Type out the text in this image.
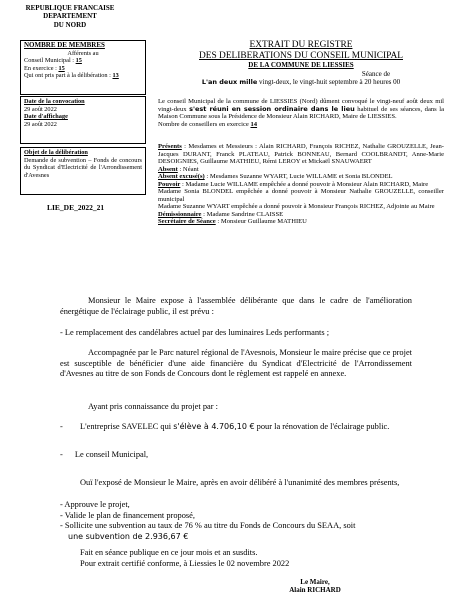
REPUBLIQUE FRANCAISE
DEPARTEMENT
DU NORD
NOMBRE DE MEMBRES
Afférents au
Conseil Municipal : 15
En exercice : 15
Qui ont pris part à la délibération : 13
Date de la convocation
29 août 2022
Date d'affichage
29 août 2022
Objet de la délibération
Demande de subvention – Fonds de concours du Syndicat d'Electricité de l'Arrondissement d'Avesnes
LIE_DE_2022_21
EXTRAIT DU REGISTRE
DES DELIBERATIONS DU CONSEIL MUNICIPAL
DE LA COMMUNE DE LIESSIES
Séance de
L'an deux mille vingt-deux, le vingt-huit septembre à 20 heures 00
Le conseil Municipal de la commune de LIESSIES (Nord) dûment convoqué le vingt-neuf août deux mil vingt-deux s'est réuni en session ordinaire dans le lieu habituel de ses séances, dans la Maison Commune sous la Présidence de Monsieur Alain RICHARD, Maire de LIESSIES.
Nombre de conseillers en exercice 14
Présents : Mesdames et Messieurs : Alain RICHARD, François RICHEZ, Nathalie GROUZELLE, Jean-Jacques DURANT, Franck PLATEAU, Patrick BONNEAU, Bernard COOLBRANDT, Anne-Marie DESOIGNIES, Guillaume MATHIEU, Rémi LEROY et Mickaël SNAUWAERT
Absent : Néant
Absent excusé(s) : Mesdames Suzanne WYART, Lucie WILLAME et Sonia BLONDEL
Pouvoir : Madame Lucie WILLAME empêchée a donné pouvoir à Monsieur Alain RICHARD, Maire
Madame Sonia BLONDEL empêchée a donné pouvoir à Monsieur Nathalie GROUZELLE, conseiller municipal
Madame Suzanne WYART empêchée a donné pouvoir à Monsieur François RICHEZ, Adjointe au Maire
Démissionnaire : Madame Sandrine CLAISSE
Secrétaire de Séance : Monsieur Guillaume MATHIEU
Monsieur le Maire expose à l'assemblée délibérante que dans le cadre de l'amélioration énergétique de l'éclairage public, il est prévu :
- Le remplacement des candélabres actuel par des luminaires Leds performants ;
Accompagnée par le Parc naturel régional de l'Avesnois, Monsieur le maire précise que ce projet est susceptible de bénéficier d'une aide financière du Syndicat d'Electricité de l'Arrondissement d'Avesnes au titre de son Fonds de Concours dont le règlement est rappelé en annexe.
Ayant pris connaissance du projet par :
-	L'entreprise SAVELEC qui s'élève à 4.706,10 € pour la rénovation de l'éclairage public.
- Le conseil Municipal,
Ouï l'exposé de Monsieur le Maire, après en avoir délibéré à l'unanimité des membres présents,
- Approuve le projet,
- Valide le plan de financement proposé,
- Sollicite une subvention au taux de 76 % au titre du Fonds de Concours du SEAA, soit
une subvention de 2.936,67 €
Fait en séance publique en ce jour mois et an susdits.
Pour extrait certifié conforme, à Liessies le 02 novembre 2022
Le Maire,
Alain RICHARD
